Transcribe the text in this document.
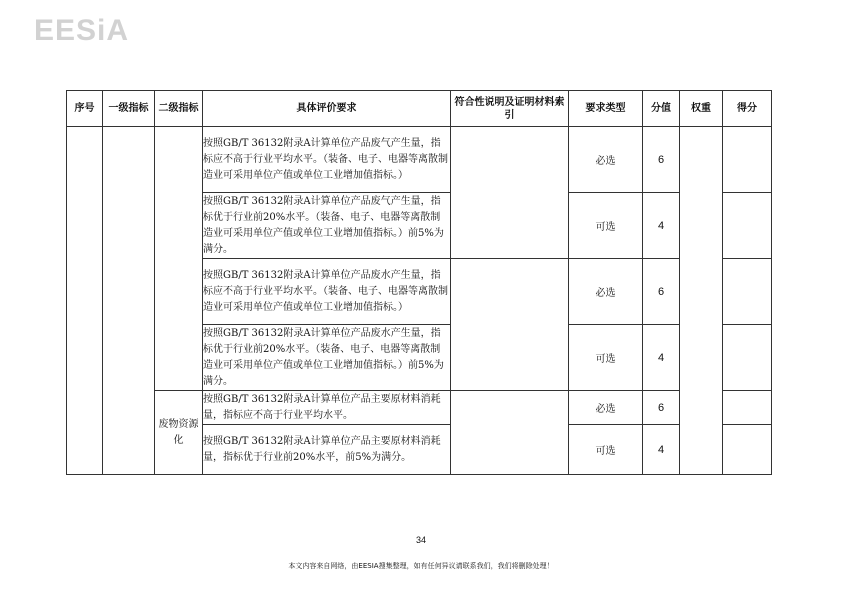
EESiA
序号	一级指标	二级指标	具体评价要求	符合性说明及证明材料索引	要求类型	分值	权重	得分
			按照GB/T 36132附录A计算单位产品废气产生量，指标应不高于行业平均水平。（装备、电子、电器等离散制造业可采用单位产值或单位工业增加值指标。）		必选	6		
			按照GB/T 36132附录A计算单位产品废气产生量，指标优于行业前20%水平。（装备、电子、电器等离散制造业可采用单位产值或单位工业增加值指标。）前5%为满分。		可选	4		
			按照GB/T 36132附录A计算单位产品废水产生量，指标应不高于行业平均水平。（装备、电子、电器等离散制造业可采用单位产值或单位工业增加值指标。）		必选	6		
			按照GB/T 36132附录A计算单位产品废水产生量，指标优于行业前20%水平。（装备、电子、电器等离散制造业可采用单位产值或单位工业增加值指标。）前5%为满分。		可选	4		
		废物资源化	按照GB/T 36132附录A计算单位产品主要原材料消耗量，指标应不高于行业平均水平。		必选	6		
			按照GB/T 36132附录A计算单位产品主要原材料消耗量，指标优于行业前20%水平，前5%为满分。		可选	4		
34
本文内容来自网络，由EESIA搜集整理，如有任何异议请联系我们，我们将删除处理！
